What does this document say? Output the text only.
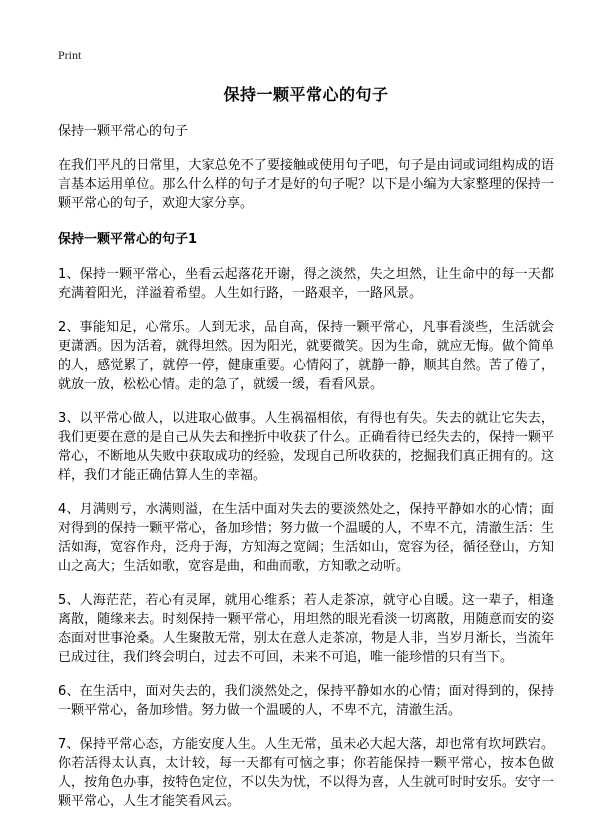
Print
保持一颗平常心的句子
保持一颗平常心的句子
在我们平凡的日常里，大家总免不了要接触或使用句子吧，句子是由词或词组构成的语言基本运用单位。那么什么样的句子才是好的句子呢？以下是小编为大家整理的保持一颗平常心的句子，欢迎大家分享。
保持一颗平常心的句子1

1、保持一颗平常心，坐看云起落花开谢，得之淡然，失之坦然，让生命中的每一天都充满着阳光，洋溢着希望。人生如行路，一路艰辛，一路风景。

2、事能知足，心常乐。人到无求，品自高，保持一颗平常心，凡事看淡些，生活就会更潇洒。因为活着，就得坦然。因为阳光，就要微笑。因为生命，就应无悔。做个简单的人，感觉累了，就停一停，健康重要。心情闷了，就静一静，顺其自然。苦了倦了，就放一放，松松心情。走的急了，就缓一缓，看看风景。

3、以平常心做人，以进取心做事。人生祸福相依，有得也有失。失去的就让它失去，我们更要在意的是自己从失去和挫折中收获了什么。正确看待已经失去的，保持一颗平常心，不断地从失败中获取成功的经验，发现自己所收获的，挖掘我们真正拥有的。这样，我们才能正确估算人生的幸福。

4、月满则亏，水满则溢，在生活中面对失去的要淡然处之，保持平静如水的心情；面对得到的保持一颗平常心，备加珍惜；努力做一个温暖的人，不卑不亢，清澈生活：生活如海，宽容作舟，泛舟于海，方知海之宽阔；生活如山，宽容为径，循径登山，方知山之高大；生活如歌，宽容是曲，和曲而歌，方知歌之动听。

5、人海茫茫，若心有灵犀，就用心维系；若人走茶凉，就守心自暖。这一辈子，相逢离散，随缘来去。时刻保持一颗平常心，用坦然的眼光看淡一切离散，用随意而安的姿态面对世事沧桑。人生聚散无常，别太在意人走茶凉，物是人非，当岁月渐长，当流年已成过往，我们终会明白，过去不可回，未来不可追，唯一能珍惜的只有当下。

6、在生活中，面对失去的，我们淡然处之，保持平静如水的心情；面对得到的，保持一颗平常心，备加珍惜。努力做一个温暖的人，不卑不亢，清澈生活。

7、保持平常心态，方能安度人生。人生无常，虽未必大起大落，却也常有坎坷跌宕。你若活得太认真，太计较，每一天都有可恼之事；你若能保持一颗平常心，按本色做人，按角色办事，按特色定位，不以失为忧，不以得为喜，人生就可时时安乐。安守一颗平常心，人生才能笑看风云。
